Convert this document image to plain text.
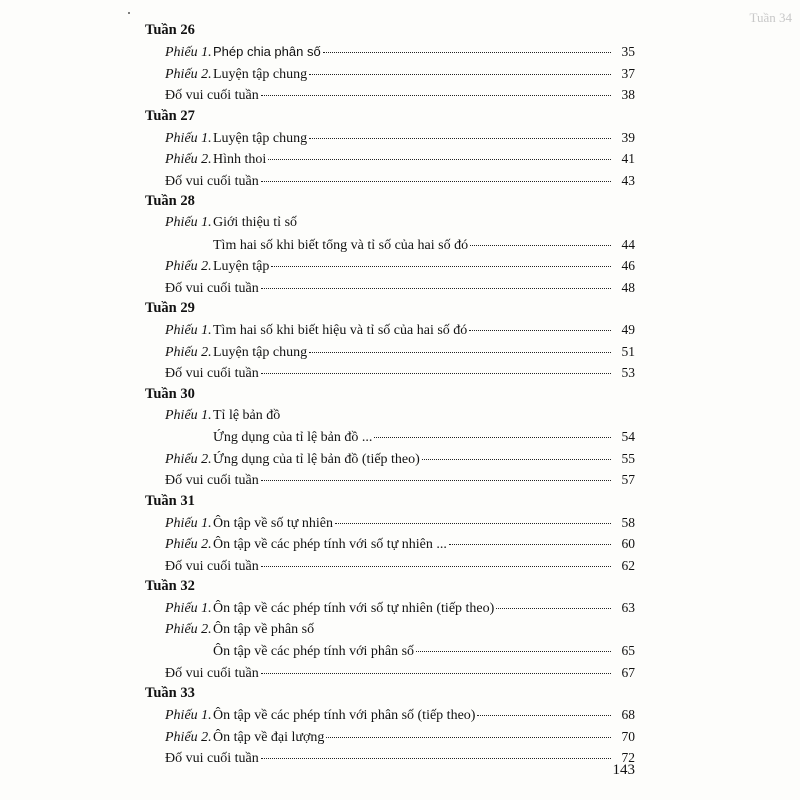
Tuần 34
Tuần 26
Phiếu 1. Phép chia phân số	35
Phiếu 2. Luyện tập chung	37
Đố vui cuối tuần	38
Tuần 27
Phiếu 1. Luyện tập chung	39
Phiếu 2. Hình thoi	41
Đố vui cuối tuần	43
Tuần 28
Phiếu 1. Giới thiệu tỉ số
Tìm hai số khi biết tổng và tỉ số của hai số đó	44
Phiếu 2. Luyện tập	46
Đố vui cuối tuần	48
Tuần 29
Phiếu 1. Tìm hai số khi biết hiệu và tỉ số của hai số đó	49
Phiếu 2. Luyện tập chung	51
Đố vui cuối tuần	53
Tuần 30
Phiếu 1. Tỉ lệ bản đồ
Ứng dụng của tỉ lệ bản đồ ...	54
Phiếu 2. Ứng dụng của tỉ lệ bản đồ (tiếp theo)	55
Đố vui cuối tuần	57
Tuần 31
Phiếu 1. Ôn tập về số tự nhiên	58
Phiếu 2. Ôn tập về các phép tính với số tự nhiên ...	60
Đố vui cuối tuần	62
Tuần 32
Phiếu 1. Ôn tập về các phép tính với số tự nhiên (tiếp theo)	63
Phiếu 2. Ôn tập về phân số
Ôn tập về các phép tính với phân số	65
Đố vui cuối tuần	67
Tuần 33
Phiếu 1. Ôn tập về các phép tính với phân số (tiếp theo)	68
Phiếu 2. Ôn tập về đại lượng	70
Đố vui cuối tuần	72
143
